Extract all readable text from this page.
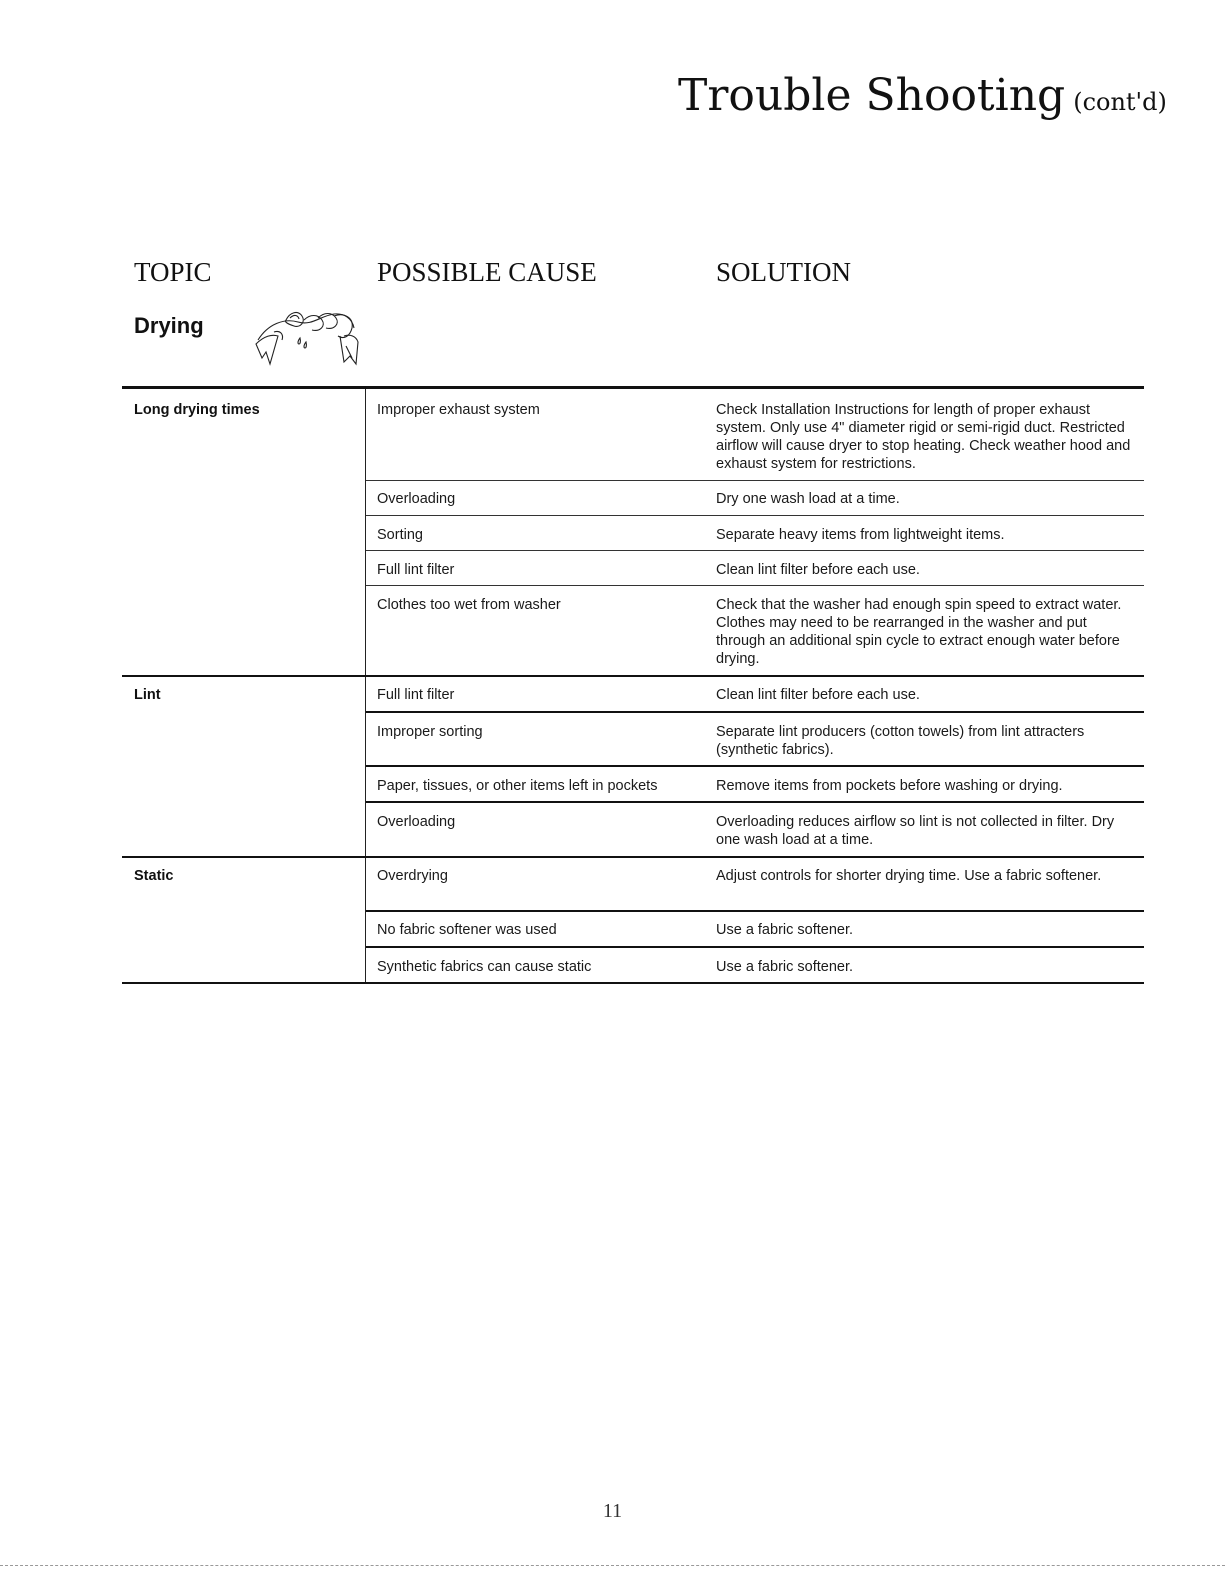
Trouble Shooting (cont'd)
TOPIC	POSSIBLE CAUSE	SOLUTION
Drying
Long drying times	Improper exhaust system	Check Installation Instructions for length of proper exhaust system. Only use 4" diameter rigid or semi-rigid duct. Restricted airflow will cause dryer to stop heating. Check weather hood and exhaust system for restrictions.
Overloading	Dry one wash load at a time.
Sorting	Separate heavy items from lightweight items.
Full lint filter	Clean lint filter before each use.
Clothes too wet from washer	Check that the washer had enough spin speed to extract water. Clothes may need to be rearranged in the washer and put through an additional spin cycle to extract enough water before drying.
Lint	Full lint filter	Clean lint filter before each use.
Improper sorting	Separate lint producers (cotton towels) from lint attracters (synthetic fabrics).
Paper, tissues, or other items left in pockets	Remove items from pockets before washing or drying.
Overloading	Overloading reduces airflow so lint is not collected in filter. Dry one wash load at a time.
Static	Overdrying	Adjust controls for shorter drying time. Use a fabric softener.
No fabric softener was used	Use a fabric softener.
Synthetic fabrics can cause static	Use a fabric softener.
11
